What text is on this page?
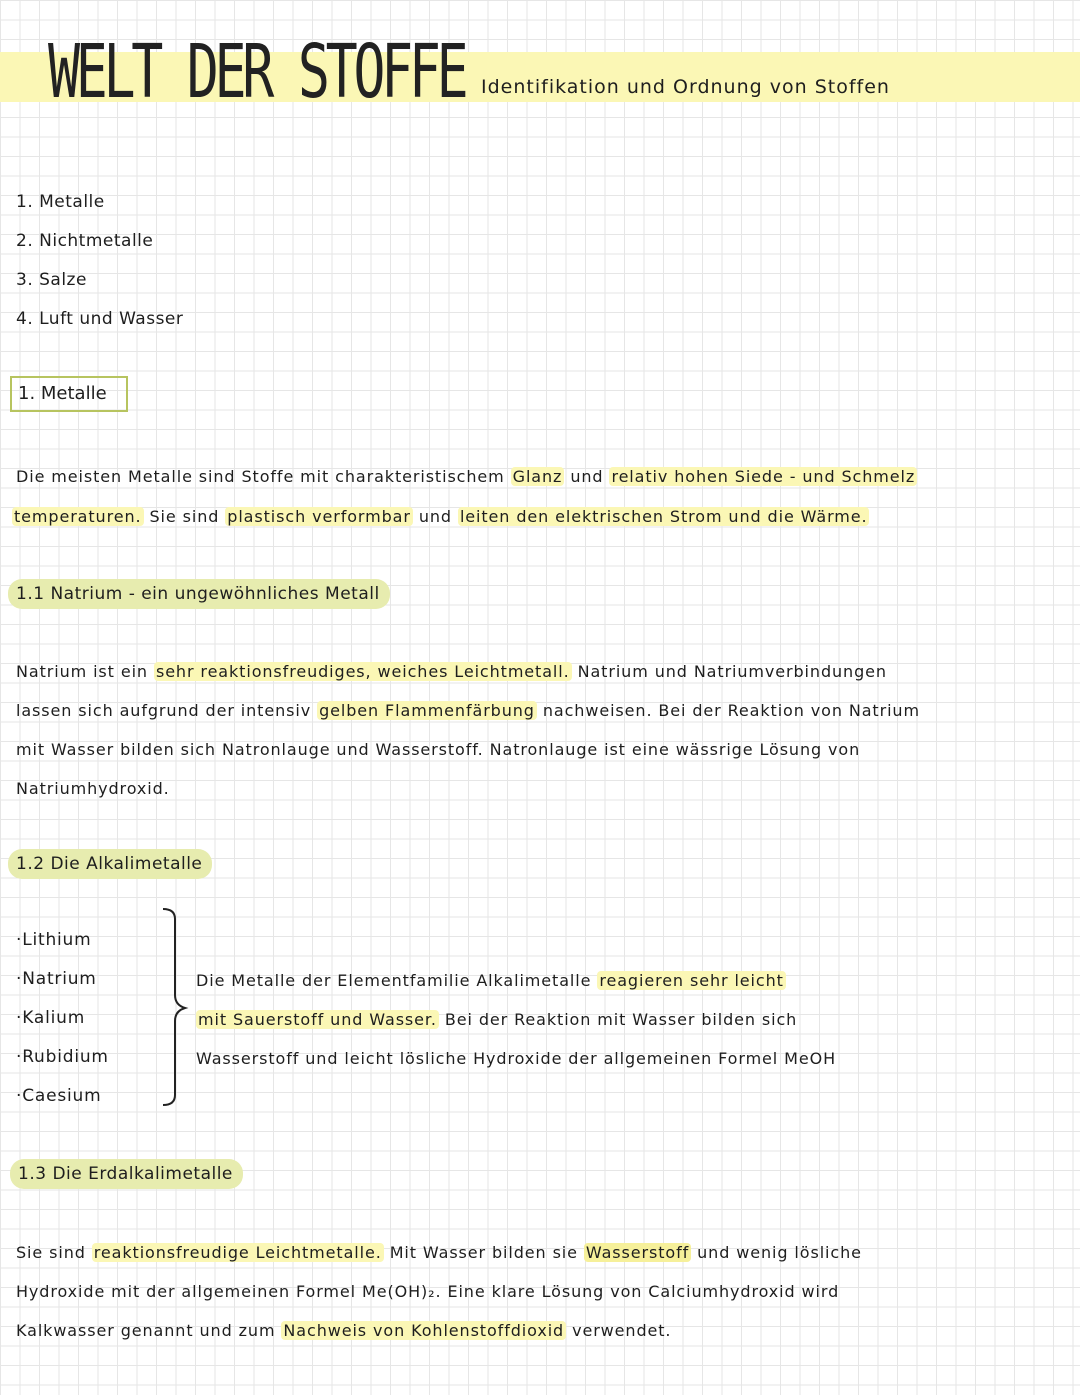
WELT DER STOFFE Identifikation und Ordnung von Stoffen
1. Metalle
2. Nichtmetalle
3. Salze
4. Luft und Wasser
1. Metalle
Die meisten Metalle sind Stoffe mit charakteristischem Glanz und relativ hohen Siede - und Schmelz
temperaturen. Sie sind plastisch verformbar und leiten den elektrischen Strom und die Wärme.
1.1 Natrium - ein ungewöhnliches Metall
Natrium ist ein sehr reaktionsfreudiges, weiches Leichtmetall. Natrium und Natriumverbindungen
lassen sich aufgrund der intensiv gelben Flammenfärbung nachweisen. Bei der Reaktion von Natrium
mit Wasser bilden sich Natronlauge und Wasserstoff. Natronlauge ist eine wässrige Lösung von
Natriumhydroxid.
1.2 Die Alkalimetalle
·Lithium
·Natrium
·Kalium
·Rubidium
·Caesium
Die Metalle der Elementfamilie Alkalimetalle reagieren sehr leicht
mit Sauerstoff und Wasser. Bei der Reaktion mit Wasser bilden sich
Wasserstoff und leicht lösliche Hydroxide der allgemeinen Formel MeOH
1.3 Die Erdalkalimetalle
Sie sind reaktionsfreudige Leichtmetalle. Mit Wasser bilden sie Wasserstoff und wenig lösliche
Hydroxide mit der allgemeinen Formel Me(OH)₂. Eine klare Lösung von Calciumhydroxid wird
Kalkwasser genannt und zum Nachweis von Kohlenstoffdioxid verwendet.
